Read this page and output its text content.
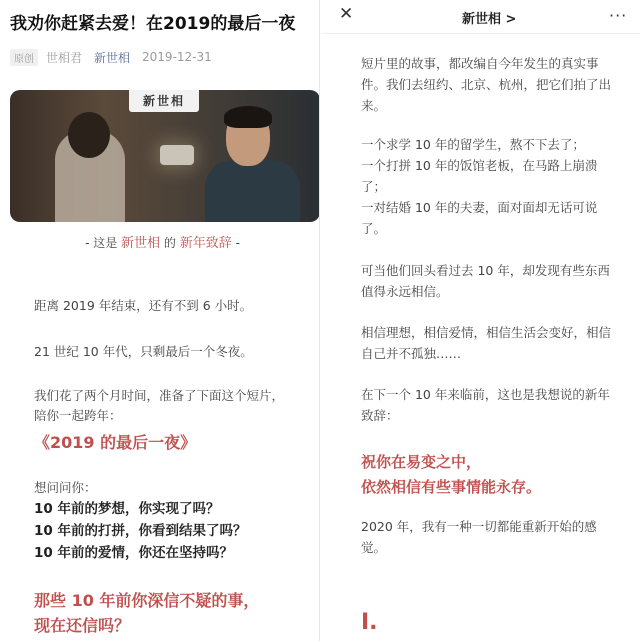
我劝你赶紧去爱！在2019的最后一夜
原创	世相君 新世相 2019-12-31
新世相
- 这是 新世相 的 新年致辞 -
距离 2019 年结束，还有不到 6 小时。
21 世纪 10 年代，只剩最后一个冬夜。
我们花了两个月时间，准备了下面这个短片，
陪你一起跨年：
《2019 的最后一夜》
想问问你：
10 年前的梦想，你实现了吗？
10 年前的打拼，你看到结果了吗？
10 年前的爱情，你还在坚持吗？
那些 10 年前你深信不疑的事，
现在还信吗？
✕	新世相 >	···
短片里的故事，都改编自今年发生的真实事
件。我们去纽约、北京、杭州，把它们拍了出
来。
一个求学 10 年的留学生，熬不下去了；
一个打拼 10 年的饭馆老板，在马路上崩溃
了；
一对结婚 10 年的夫妻，面对面却无话可说
了。
可当他们回头看过去 10 年，却发现有些东西
值得永远相信。
相信理想，相信爱情，相信生活会变好，相信
自己并不孤独……
在下一个 10 年来临前，这也是我想说的新年
致辞：
祝你在易变之中，
依然相信有些事情能永存。
2020 年，我有一种一切都能重新开始的感
觉。
I.
